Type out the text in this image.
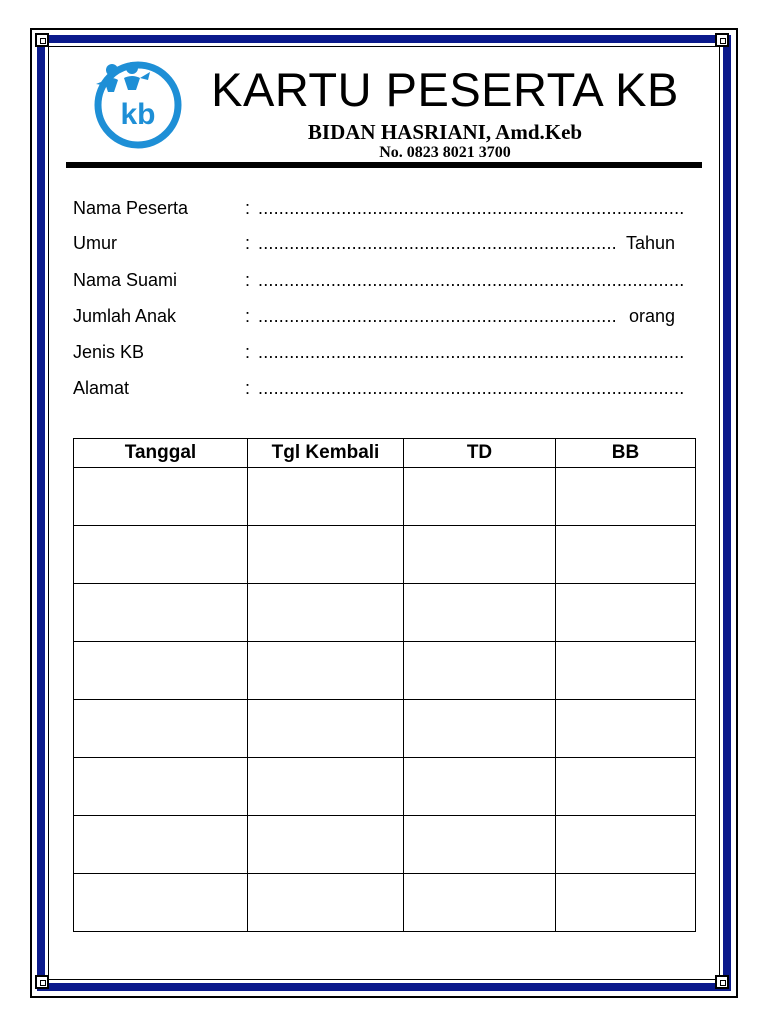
kb KARTU PESERTA KB
BIDAN HASRIANI, Amd.Keb
No. 0823 8021 3700
Nama Peserta	: ..................................................................................
Umur	: ..................................................................... Tahun
Nama Suami	: ..................................................................................
Jumlah Anak	: ..................................................................... orang
Jenis KB	: ..................................................................................
Alamat	: ..................................................................................
Tanggal	Tgl Kembali	TD	BB
